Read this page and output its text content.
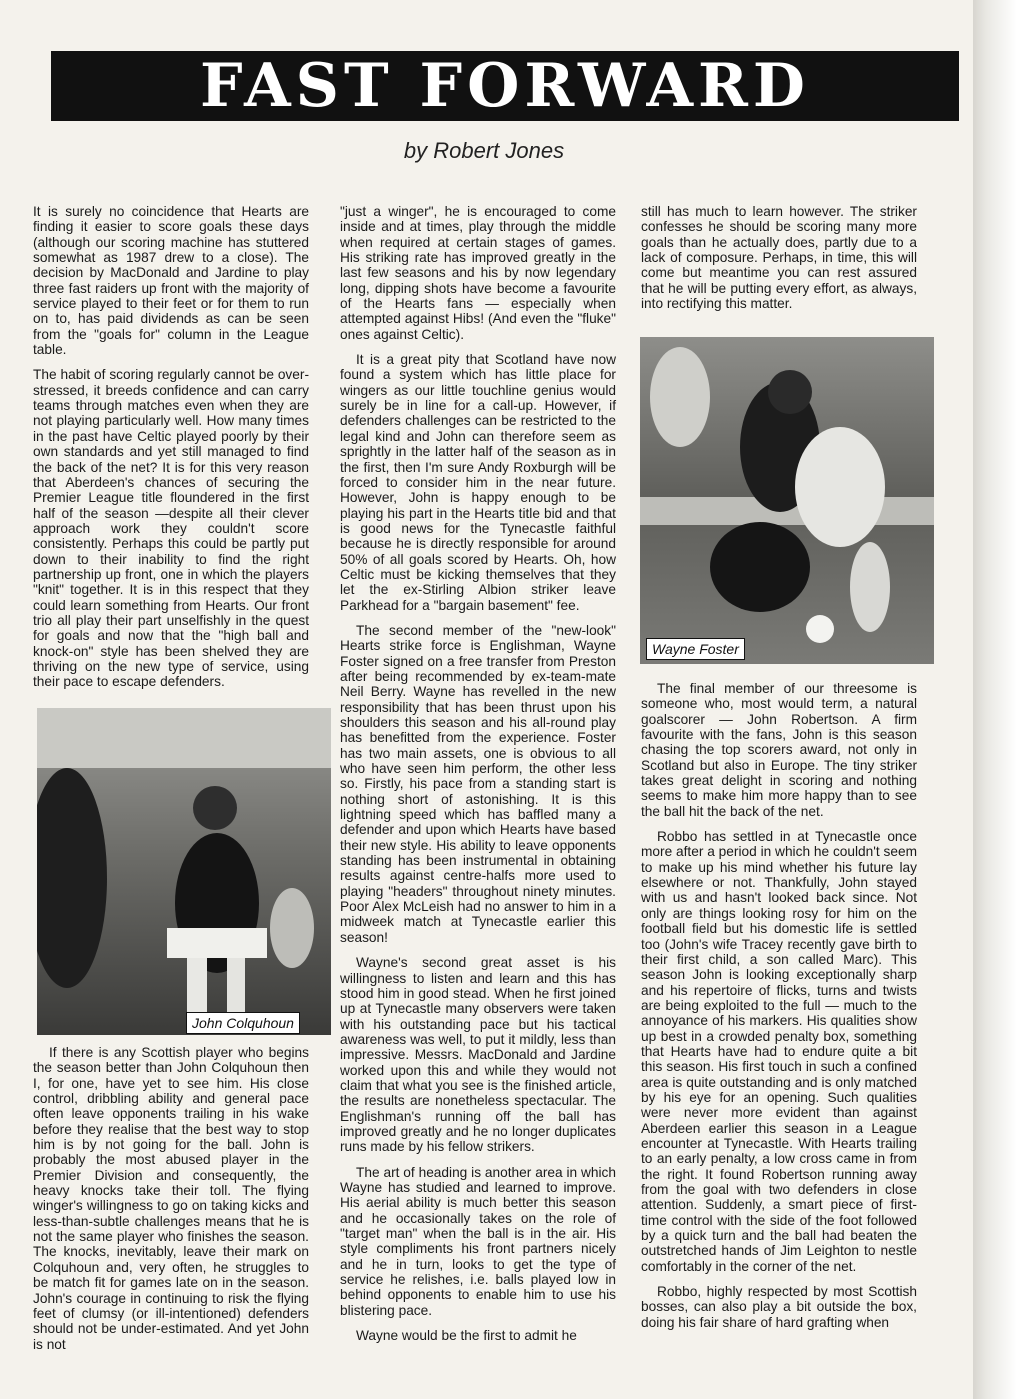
FAST FORWARD
by Robert Jones

It is surely no coincidence that Hearts are finding it easier to score goals these days (although our scoring machine has stuttered somewhat as 1987 drew to a close). The decision by MacDonald and Jardine to play three fast raiders up front with the majority of service played to their feet or for them to run on to, has paid dividends as can be seen from the "goals for" column in the League table.

The habit of scoring regularly cannot be over-stressed, it breeds confidence and can carry teams through matches even when they are not playing particularly well. How many times in the past have Celtic played poorly by their own standards and yet still managed to find the back of the net? It is for this very reason that Aberdeen's chances of securing the Premier League title floundered in the first half of the season —despite all their clever approach work they couldn't score consistently. Perhaps this could be partly put down to their inability to find the right partnership up front, one in which the players "knit" together. It is in this respect that they could learn something from Hearts. Our front trio all play their part unselfishly in the quest for goals and now that the "high ball and knock-on" style has been shelved they are thriving on the new type of service, using their pace to escape defenders.

John Colquhoun

If there is any Scottish player who begins the season better than John Colquhoun then I, for one, have yet to see him. His close control, dribbling ability and general pace often leave opponents trailing in his wake before they realise that the best way to stop him is by not going for the ball. John is probably the most abused player in the Premier Division and consequently, the heavy knocks take their toll. The flying winger's willingness to go on taking kicks and less-than-subtle challenges means that he is not the same player who finishes the season. The knocks, inevitably, leave their mark on Colquhoun and, very often, he struggles to be match fit for games late on in the season. John's courage in continuing to risk the flying feet of clumsy (or ill-intentioned) defenders should not be under-estimated. And yet John is not

"just a winger", he is encouraged to come inside and at times, play through the middle when required at certain stages of games. His striking rate has improved greatly in the last few seasons and his by now legendary long, dipping shots have become a favourite of the Hearts fans — especially when attempted against Hibs! (And even the "fluke" ones against Celtic).

It is a great pity that Scotland have now found a system which has little place for wingers as our little touchline genius would surely be in line for a call-up. However, if defenders challenges can be restricted to the legal kind and John can therefore seem as sprightly in the latter half of the season as in the first, then I'm sure Andy Roxburgh will be forced to consider him in the near future. However, John is happy enough to be playing his part in the Hearts title bid and that is good news for the Tynecastle faithful because he is directly responsible for around 50% of all goals scored by Hearts. Oh, how Celtic must be kicking themselves that they let the ex-Stirling Albion striker leave Parkhead for a "bargain basement" fee.

The second member of the "new-look" Hearts strike force is Englishman, Wayne Foster signed on a free transfer from Preston after being recommended by ex-team-mate Neil Berry. Wayne has revelled in the new responsibility that has been thrust upon his shoulders this season and his all-round play has benefitted from the experience. Foster has two main assets, one is obvious to all who have seen him perform, the other less so. Firstly, his pace from a standing start is nothing short of astonishing. It is this lightning speed which has baffled many a defender and upon which Hearts have based their new style. His ability to leave opponents standing has been instrumental in obtaining results against centre-halfs more used to playing "headers" throughout ninety minutes. Poor Alex McLeish had no answer to him in a midweek match at Tynecastle earlier this season!

Wayne's second great asset is his willingness to listen and learn and this has stood him in good stead. When he first joined up at Tynecastle many observers were taken with his outstanding pace but his tactical awareness was well, to put it mildly, less than impressive. Messrs. MacDonald and Jardine worked upon this and while they would not claim that what you see is the finished article, the results are nonetheless spectacular. The Englishman's running off the ball has improved greatly and he no longer duplicates runs made by his fellow strikers.

The art of heading is another area in which Wayne has studied and learned to improve. His aerial ability is much better this season and he occasionally takes on the role of "target man" when the ball is in the air. His style compliments his front partners nicely and he in turn, looks to get the type of service he relishes, i.e. balls played low in behind opponents to enable him to use his blistering pace.

Wayne would be the first to admit he

still has much to learn however. The striker confesses he should be scoring many more goals than he actually does, partly due to a lack of composure. Perhaps, in time, this will come but meantime you can rest assured that he will be putting every effort, as always, into rectifying this matter.

Wayne Foster

The final member of our threesome is someone who, most would term, a natural goalscorer — John Robertson. A firm favourite with the fans, John is this season chasing the top scorers award, not only in Scotland but also in Europe. The tiny striker takes great delight in scoring and nothing seems to make him more happy than to see the ball hit the back of the net.

Robbo has settled in at Tynecastle once more after a period in which he couldn't seem to make up his mind whether his future lay elsewhere or not. Thankfully, John stayed with us and hasn't looked back since. Not only are things looking rosy for him on the football field but his domestic life is settled too (John's wife Tracey recently gave birth to their first child, a son called Marc). This season John is looking exceptionally sharp and his repertoire of flicks, turns and twists are being exploited to the full — much to the annoyance of his markers. His qualities show up best in a crowded penalty box, something that Hearts have had to endure quite a bit this season. His first touch in such a confined area is quite outstanding and is only matched by his eye for an opening. Such qualities were never more evident than against Aberdeen earlier this season in a League encounter at Tynecastle. With Hearts trailing to an early penalty, a low cross came in from the right. It found Robertson running away from the goal with two defenders in close attention. Suddenly, a smart piece of first-time control with the side of the foot followed by a quick turn and the ball had beaten the outstretched hands of Jim Leighton to nestle comfortably in the corner of the net.

Robbo, highly respected by most Scottish bosses, can also play a bit outside the box, doing his fair share of hard grafting when
